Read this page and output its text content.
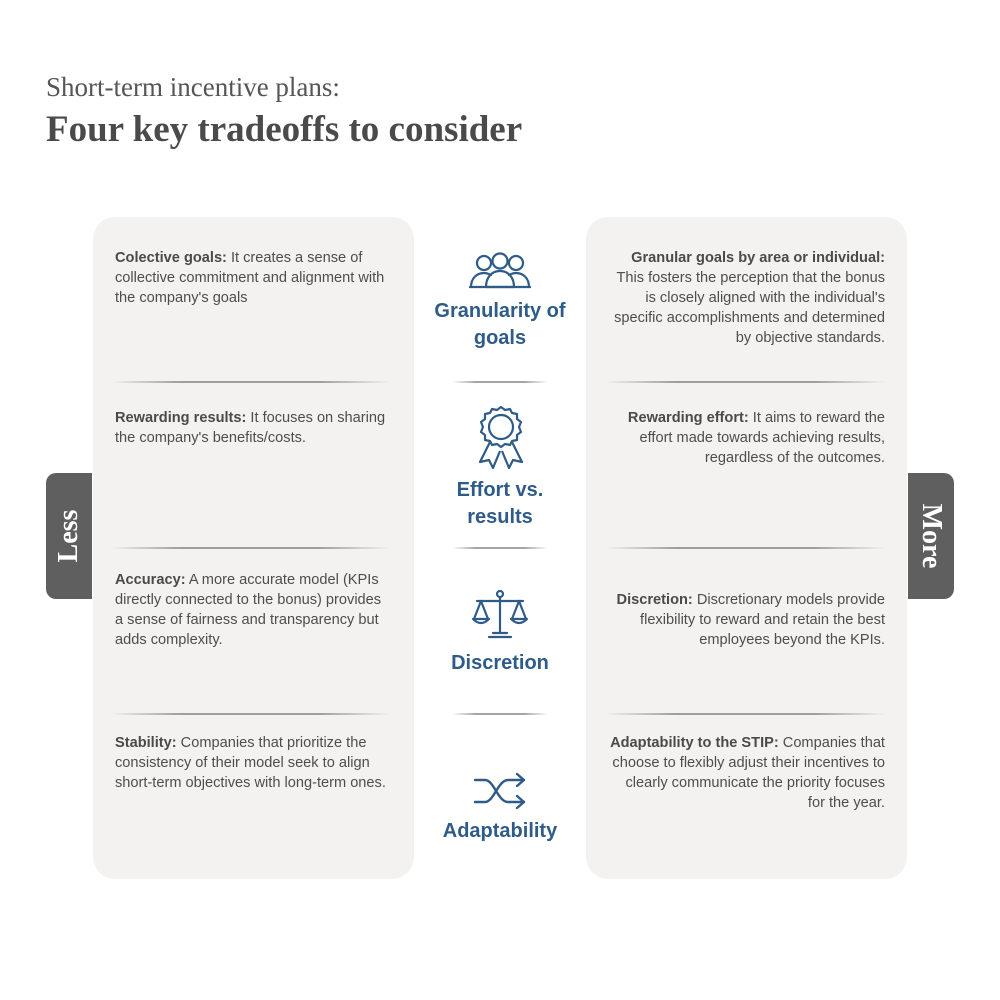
Short-term incentive plans:
Four key tradeoffs to consider
Colective goals: It creates a sense of collective commitment and alignment with the company's goals
Granularity of
goals
Granular goals by area or individual: This fosters the perception that the bonus is closely aligned with the individual's specific accomplishments and determined by objective standards.
Rewarding results: It focuses on sharing the company's benefits/costs.
Effort vs.
results
Rewarding effort: It aims to reward the effort made towards achieving results, regardless of the outcomes.
Accuracy: A more accurate model (KPIs directly connected to the bonus) provides a sense of fairness and transparency but adds complexity.
Discretion
Discretion: Discretionary models provide flexibility to reward and retain the best employees beyond the KPIs.
Stability: Companies that prioritize the consistency of their model seek to align short-term objectives with long-term ones.
Adaptability
Adaptability to the STIP: Companies that choose to flexibly adjust their incentives to clearly communicate the priority focuses for the year.
Less	More
